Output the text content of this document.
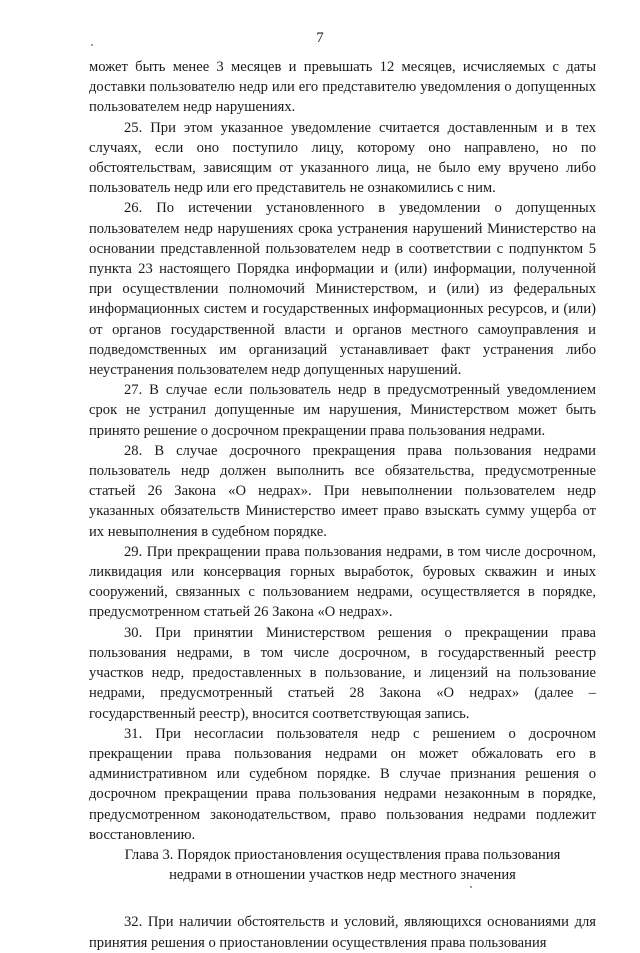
7

может быть менее 3 месяцев и превышать 12 месяцев, исчисляемых с даты доставки пользователю недр или его представителю уведомления о допущенных пользователем недр нарушениях.

25. При этом указанное уведомление считается доставленным и в тех случаях, если оно поступило лицу, которому оно направлено, но по обстоятельствам, зависящим от указанного лица, не было ему вручено либо пользователь недр или его представитель не ознакомились с ним.

26. По истечении установленного в уведомлении о допущенных пользователем недр нарушениях срока устранения нарушений Министерство на основании представленной пользователем недр в соответствии с подпунктом 5 пункта 23 настоящего Порядка информации и (или) информации, полученной при осуществлении полномочий Министерством, и (или) из федеральных информационных систем и государственных информационных ресурсов, и (или) от органов государственной власти и органов местного самоуправления и подведомственных им организаций устанавливает факт устранения либо неустранения пользователем недр допущенных нарушений.

27. В случае если пользователь недр в предусмотренный уведомлением срок не устранил допущенные им нарушения, Министерством может быть принято решение о досрочном прекращении права пользования недрами.

28. В случае досрочного прекращения права пользования недрами пользователь недр должен выполнить все обязательства, предусмотренные статьей 26 Закона «О недрах». При невыполнении пользователем недр указанных обязательств Министерство имеет право взыскать сумму ущерба от их невыполнения в судебном порядке.

29. При прекращении права пользования недрами, в том числе досрочном, ликвидация или консервация горных выработок, буровых скважин и иных сооружений, связанных с пользованием недрами, осуществляется в порядке, предусмотренном статьей 26 Закона «О недрах».

30. При принятии Министерством решения о прекращении права пользования недрами, в том числе досрочном, в государственный реестр участков недр, предоставленных в пользование, и лицензий на пользование недрами, предусмотренный статьей 28 Закона «О недрах» (далее – государственный реестр), вносится соответствующая запись.

31. При несогласии пользователя недр с решением о досрочном прекращении права пользования недрами он может обжаловать его в административном или судебном порядке. В случае признания решения о досрочном прекращении права пользования недрами незаконным в порядке, предусмотренном законодательством, право пользования недрами подлежит восстановлению.

Глава 3. Порядок приостановления осуществления права пользования

недрами в отношении участков недр местного значения

32. При наличии обстоятельств и условий, являющихся основаниями для принятия решения о приостановлении осуществления права пользования
